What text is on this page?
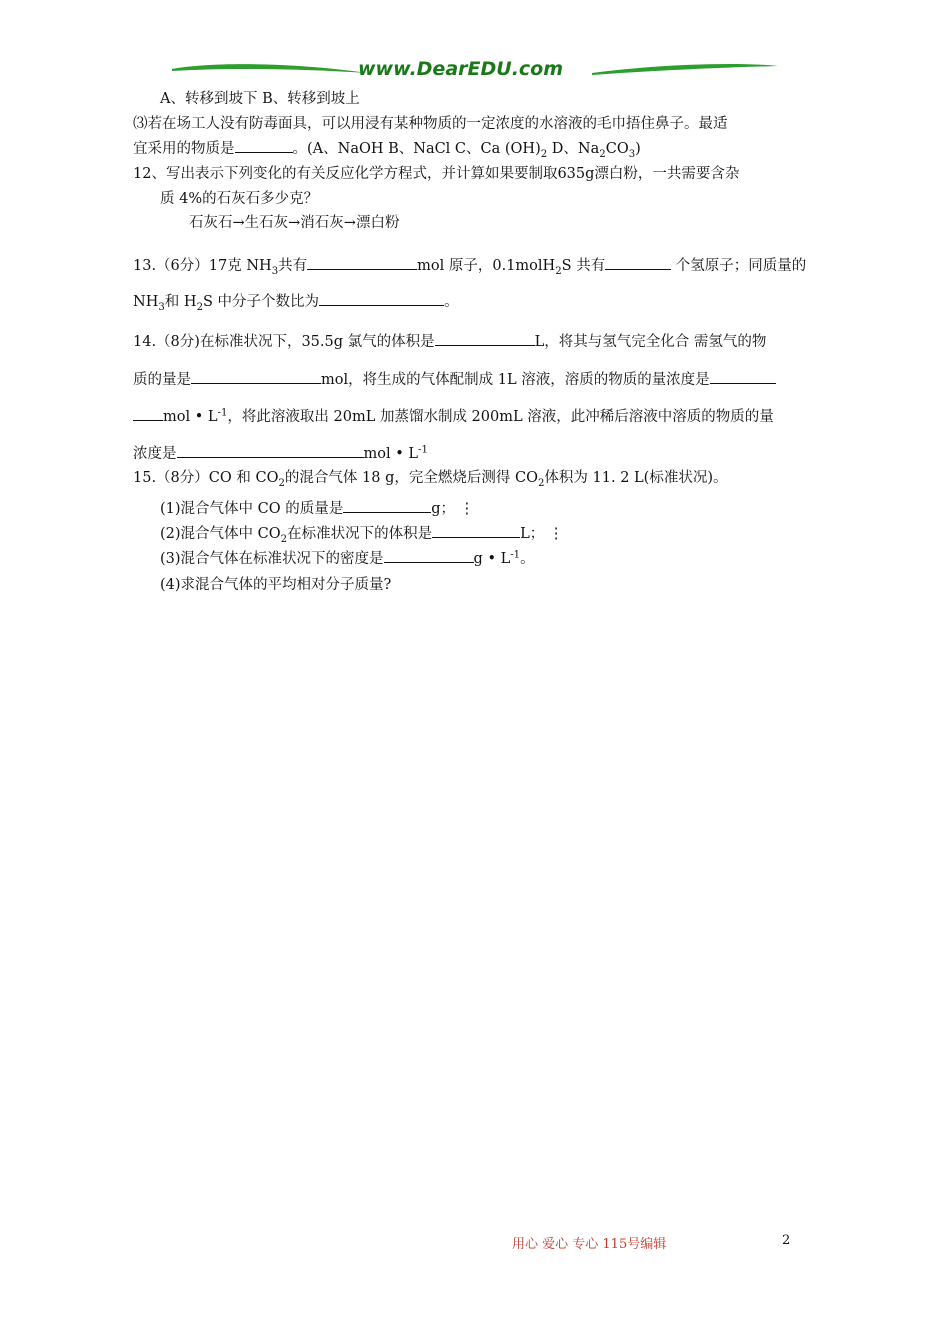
www.DearEDU.com
A、转移到坡下 B、转移到坡上
⑶若在场工人没有防毒面具，可以用浸有某种物质的一定浓度的水溶液的毛巾捂住鼻子。最适
宜采用的物质是	。(A、NaOH B、NaCl C、Ca $(OH)_2$ D、$Na_2CO_3$)
12、写出表示下列变化的有关反应化学方程式，并计算如果要制取635g漂白粉，一共需要含杂
质 4%的石灰石多少克？
石灰石→生石灰→消石灰→漂白粉
13.（6分）17克 $NH_3$共有	mol 原子，0.1molH$_2$S 共有	个氢原子；同质量的
$NH_3$和 $H_2S$ 中分子个数比为	。
14.（8分)在标准状况下，35.5g 氯气的体积是	L，将其与氢气完全化合 需氢气的物
质的量是	mol，将生成的气体配制成 1L 溶液，溶质的物质的量浓度是
mol • $L^{-1}$，将此溶液取出 20mL 加蒸馏水制成 200mL 溶液，此冲稀后溶液中溶质的物质的量
浓度是	mol • $L^{-1}$
15.（8分）CO 和 $CO_2$的混合气体 18 g，完全燃烧后测得 $CO_2$体积为 11. 2 L(标准状况)。
(1)混合气体中 CO 的质量是	g； ⋮
(2)混合气体中 $CO_2$在标准状况下的体积是	L； ⋮
(3)混合气体在标准状况下的密度是	g • $L^{-1}$。
(4)求混合气体的平均相对分子质量?
用心 爱心 专心 115号编辑	2
